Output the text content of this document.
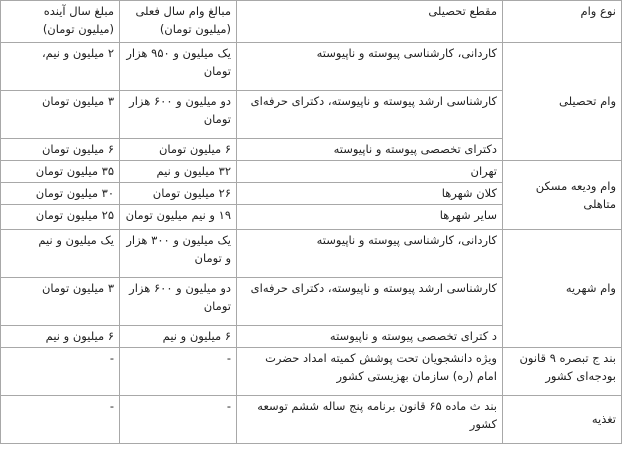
نوع وام	مقطع تحصیلی	مبالغ وام سال فعلی (میلیون تومان)	مبلغ سال آینده (میلیون تومان)
وام تحصیلی	کاردانی، کارشناسی پیوسته و ناپیوسته	یک میلیون و ۹۵۰ هزار تومان	۲ میلیون و نیم،
	کارشناسی ارشد پیوسته و ناپیوسته، دکترای حرفه‌ای	دو میلیون و ۶۰۰ هزار تومان	۳ میلیون تومان
	دکترای تخصصی پیوسته و ناپیوسته	۶ میلیون تومان	۶ میلیون تومان
وام ودیعه مسکن متاهلی	تهران	۳۲ میلیون و نیم	۳۵ میلیون تومان
	کلان شهرها	۲۶ میلیون تومان	۳۰ میلیون تومان
	سایر شهرها	۱۹ و نیم میلیون تومان	۲۵ میلیون تومان
وام شهریه	کاردانی، کارشناسی پیوسته و ناپیوسته	یک میلیون و ۳۰۰ هزار و تومان	یک میلیون و نیم
	کارشناسی ارشد پیوسته و ناپیوسته، دکترای حرفه‌ای	دو میلیون و ۶۰۰ هزار تومان	۳ میلیون تومان
	د کترای تخصصی پیوسته و ناپیوسته	۶ میلیون و نیم	۶ میلیون و نیم
بند ج تبصره ۹ قانون بودجه‌ای کشور	ویژه دانشجویان تحت پوشش کمیته امداد حضرت امام (ره) سازمان بهزیستی کشور	-	-
تغذیه	بند ث ماده ۶۵ قانون برنامه پنج ساله ششم توسعه کشور	-	-
